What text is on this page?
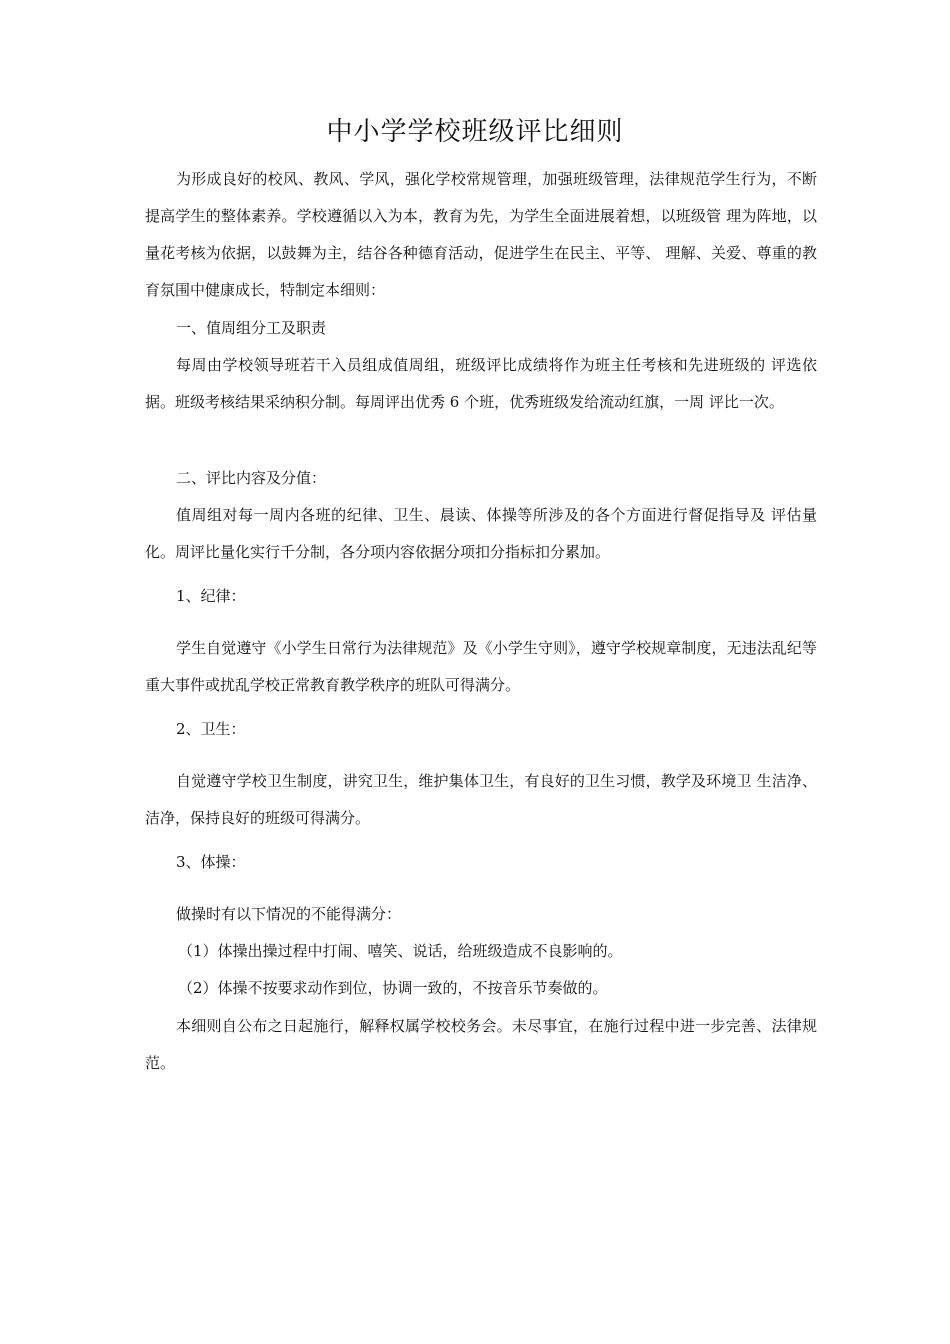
中小学学校班级评比细则

为形成良好的校风、教风、学风，强化学校常规管理，加强班级管理，法律规范学生行为，不断提高学生的整体素养。学校遵循以入为本，教育为先，为学生全面进展着想，以班级管 理为阵地，以量花考核为依据，以鼓舞为主，结谷各种德育活动，促进学生在民主、平等、 理解、关爱、尊重的教育氛围中健康成长，特制定本细则：

一、值周组分工及职责

每周由学校领导班若干入员组成值周组，班级评比成绩将作为班主任考核和先进班级的 评选依据。班级考核结果采纳积分制。每周评出优秀 6 个班，优秀班级发给流动红旗，一周 评比一次。

二、评比内容及分值：

值周组对每一周内各班的纪律、卫生、晨读、体操等所涉及的各个方面进行督促指导及 评估量化。周评比量化实行千分制，各分项内容依据分项扣分指标扣分累加。

1、纪律：

学生自觉遵守《小学生日常行为法律规范》及《小学生守则》，遵守学校规章制度，无违法乱纪等重大事件或扰乱学校正常教育教学秩序的班队可得满分。

2、卫生：

自觉遵守学校卫生制度，讲究卫生，维护集体卫生，有良好的卫生习惯，教学及环境卫 生洁净、洁净，保持良好的班级可得满分。

3、体操：

做操时有以下情况的不能得满分：

（1）体操出操过程中打闹、嘻笑、说话，给班级造成不良影响的。

（2）体操不按要求动作到位，协调一致的，不按音乐节奏做的。

本细则自公布之日起施行，解释权属学校校务会。未尽事宜，在施行过程中进一步完善、法律规范。
